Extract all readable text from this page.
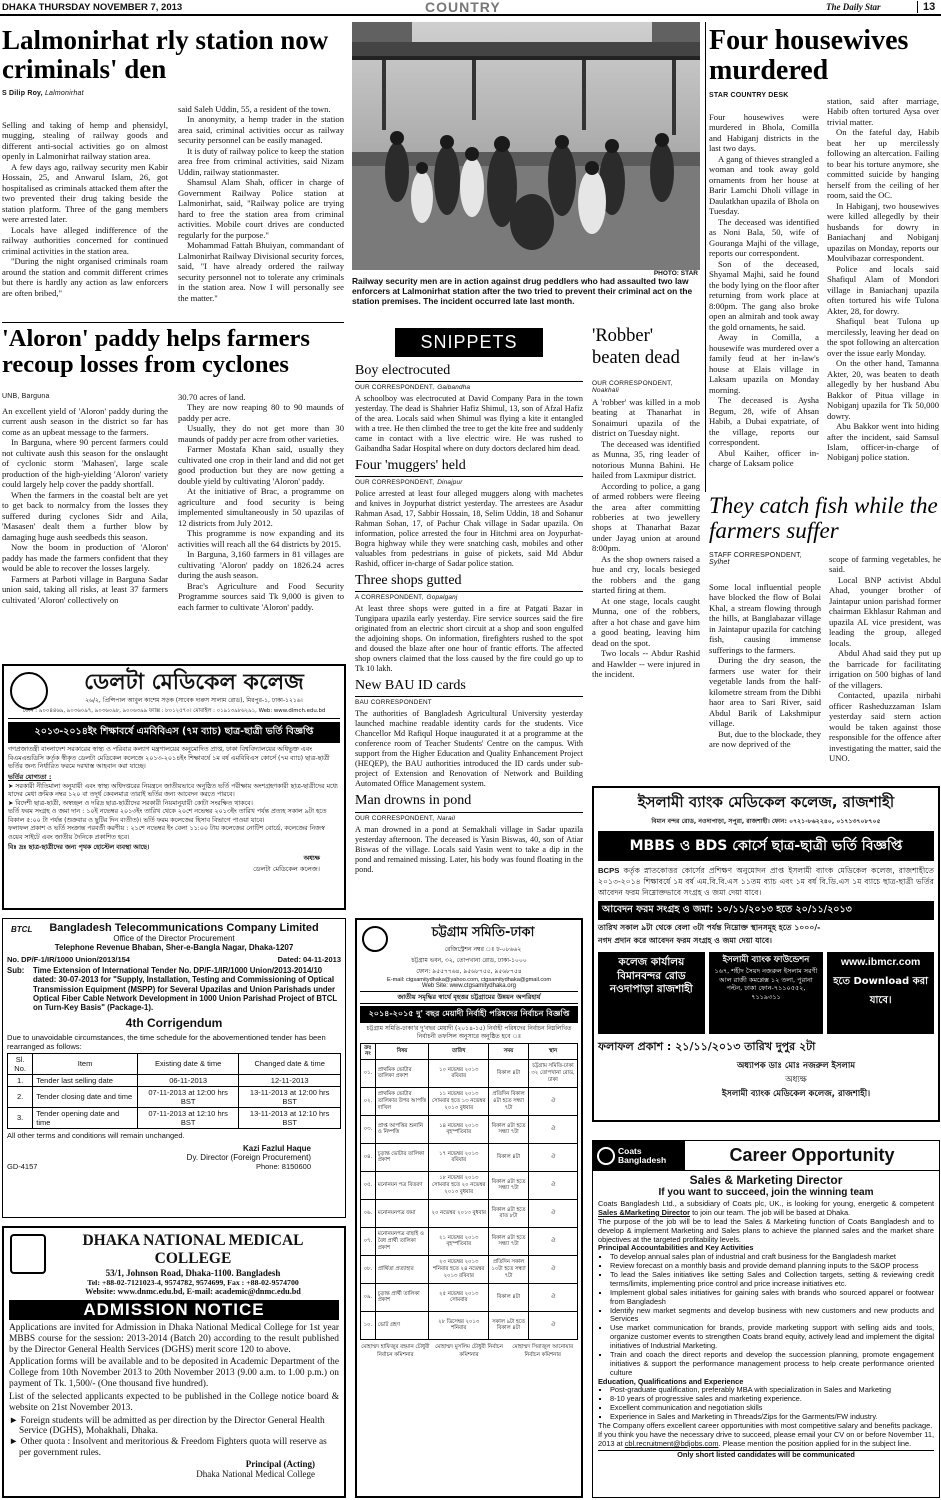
DHAKA THURSDAY NOVEMBER 7, 2013	COUNTRY	The Daily Star	13
Lalmonirhat rly station now criminals' den
S Dilip Roy, Lalmonirhat

Selling and taking of hemp and phensidyl, mugging, stealing of railway goods and different anti-social activities go on almost openly in Lalmonirhat railway station area.

A few days ago, railway security men Kabir Hossain, 25, and Anwarul Islam, 26, got hospitalised as criminals attacked them after the two prevented their drug taking beside the station platform. Three of the gang members were arrested later.

Locals have alleged indifference of the railway authorities concerned for continued criminal activities in the station area.

"During the night organised criminals roam around the station and commit different crimes but there is hardly any action as law enforcers are often bribed,"

said Saleh Uddin, 55, a resident of the town.

In anonymity, a hemp trader in the station area said, criminal activities occur as railway security personnel can be easily managed.

It is duty of railway police to keep the station area free from criminal activities, said Nizam Uddin, railway stationmaster.

Shamsul Alam Shah, officer in charge of Government Railway Police station at Lalmonirhat, said, "Railway police are trying hard to free the station area from criminal activities. Mobile court drives are conducted regularly for the purpose."

Mohammad Fattah Bhuiyan, commandant of Lalmonirhat Railway Divisional security forces, said, "I have already ordered the railway security personnel not to tolerate any criminals in the station area. Now I will personally see the matter."

PHOTO: STAR
Railway security men are in action against drug peddlers who had assaulted two law enforcers at Lalmonirhat station after the two tried to prevent their criminal act on the station premises. The incident occurred late last month.
Four housewives murdered
STAR COUNTRY DESK

Four housewives were murdered in Bhola, Comilla and Habiganj districts in the last two days.

A gang of thieves strangled a woman and took away gold ornaments from her house at Barir Lamchi Dholi village in Daulatkhan upazila of Bhola on Tuesday.

The deceased was identified as Noni Bala, 50, wife of Gouranga Majhi of the village, reports our correspondent.

Son of the deceased, Shyamal Majhi, said he found the body lying on the floor after returning from work place at 8:00pm. The gang also broke open an almirah and took away the gold ornaments, he said.

Away in Comilla, a housewife was murdered over a family feud at her in-law's house at Elais village in Laksam upazila on Monday morning.

The deceased is Aysha Begum, 28, wife of Ahsan Habib, a Dubai expatriate, of the village, reports our correspondent.

Abul Kaiher, officer in-charge of Laksam police

station, said after marriage, Habib often tortured Aysa over trivial matter.

On the fateful day, Habib beat her up mercilessly following an altercation. Failing to bear his torture anymore, she committed suicide by hanging herself from the ceiling of her room, said the OC.

In Habiganj, two housewives were killed allegedly by their husbands for dowry in Baniachanj and Nobiganj upazilas on Monday, reports our Moulvibazar correspondent.

Police and locals said Shafiqul Alam of Mondori village in Baniachanj upazila often tortured his wife Tulona Akter, 28, for dowry.

Shafiqul beat Tulona up mercilessly, leaving her dead on the spot following an altercation over the issue early Monday.

On the other hand, Tamanna Akter, 20, was beaten to death allegedly by her husband Abu Bakkor of Pitua village in Nobiganj upazila for Tk 50,000 dowry.

Abu Bakkor went into hiding after the incident, said Samsul Islam, officer-in-charge of Nobiganj police station.

'Aloron' paddy helps farmers recoup losses from cyclones
UNB, Barguna

An excellent yield of 'Aloron' paddy during the current aush season in the district so far has come as an upbeat message to the farmers.

In Barguna, where 90 percent farmers could not cultivate aush this season for the onslaught of cyclonic storm 'Mahasen', large scale production of the high-yielding 'Aloron' variety could largely help cover the paddy shortfall.

When the farmers in the coastal belt are yet to get back to normalcy from the losses they suffered during cyclones Sidr and Aila, 'Masasen' dealt them a further blow by damaging huge aush seedbeds this season.

Now the boom in production of 'Aloron' paddy has made the farmers confident that they would be able to recover the losses largely.

Farmers at Parboti village in Barguna Sadar union said, taking all risks, at least 37 farmers cultivated 'Aloron' collectively on

30.70 acres of land.

They are now reaping 80 to 90 maunds of paddy per acre.

Usually, they do not get more than 30 maunds of paddy per acre from other varieties.

Farmer Mostafa Khan said, usually they cultivated one crop in their land and did not get good production but they are now getting a double yield by cultivating 'Aloron' paddy.

At the initiative of Brac, a programme on agriculture and food security is being implemented simultaneously in 50 upazilas of 12 districts from July 2012.

This programme is now expanding and its activities will reach all the 64 districts by 2015.

In Barguna, 3,160 farmers in 81 villages are cultivating 'Aloron' paddy on 1826.24 acres during the aush season.

Brac's Agriculture and Food Security Programme sources said Tk 9,000 is given to each farmer to cultivate 'Aloron' paddy.

SNIPPETS
Boy electrocuted
OUR CORRESPONDENT, Gaibandha
A schoolboy was electrocuted at David Company Para in the town yesterday. The dead is Shahrier Hafiz Shimul, 13, son of Afzal Hafiz of the area. Locals said when Shimul was flying a kite it entangled with a tree. He then climbed the tree to get the kite free and suddenly came in contact with a live electric wire. He was rushed to Gaibandha Sadar Hospital where on duty doctors declared him dead.
Four 'muggers' held
OUR CORRESPONDENT, Dinajpur
Police arrested at least four alleged muggers along with machetes and knives in Joypurhat district yesterday. The arrestees are Asadur Rahman Asad, 17, Sabbir Hossain, 18, Selim Uddin, 18 and Sohanur Rahman Sohan, 17, of Pachur Chak village in Sadar upazila. On information, police arrested the four in Hitchmi area on Joypurhat-Bogra highway while they were snatching cash, mobiles and other valuables from pedestrians in guise of pickets, said Md Abdur Rashid, officer in-charge of Sadar police station.
Three shops gutted
A CORRESPONDENT, Gopalganj
At least three shops were gutted in a fire at Patgati Bazar in Tungipara upazila early yesterday. Fire service sources said the fire originated from an electric short circuit at a shop and soon engulfed the adjoining shops. On information, firefighters rushed to the spot and doused the blaze after one hour of frantic efforts. The affected shop owners claimed that the loss caused by the fire could go up to Tk 10 lakh.
New BAU ID cards
BAU CORRESPONDENT
The authorities of Bangladesh Agricultural University yesterday launched machine readable identity cards for the students. Vice Chancellor Md Rafiqul Hoque inaugurated it at a programme at the conference room of Teacher Students' Centre on the campus. With support from the Higher Education and Quality Enhancement Project (HEQEP), the BAU authorities introduced the ID cards under sub-project of Extension and Renovation of Network and Building Automated Office Management system.
Man drowns in pond
OUR CORRESPONDENT, Narail
A man drowned in a pond at Semakhali village in Sadar upazila yesterday afternoon. The deceased is Yasin Biswas, 40, son of Atiar Biswas of the village. Locals said Yasin went to take a dip in the pond and remained missing. Later, his body was found floating in the pond.
'Robber' beaten dead
OUR CORRESPONDENT,
Noakhali

A 'robber' was killed in a mob beating at Thanarhat in Sonaimuri upazila of the district on Tuesday night.

The deceased was identified as Munna, 35, ring leader of notorious Munna Bahini. He hailed from Laxmipur district.

According to police, a gang of armed robbers were fleeing the area after committing robberies at two jewellery shops at Thanarhat Bazar under Jayag union at around 8:00pm.

As the shop owners raised a hue and cry, locals besieged the robbers and the gang started firing at them.

At one stage, locals caught Munna, one of the robbers, after a hot chase and gave him a good beating, leaving him dead on the spot.

Two locals -- Abdur Rashid and Hawlder -- were injured in the incident.

They catch fish while the farmers suffer
STAFF CORRESPONDENT,
Sylhet

Some local influential people have blocked the flow of Bolai Khal, a stream flowing through the hills, at Banglabazar village in Jaintapur upazila for catching fish, causing immense sufferings to the farmers.

During the dry season, the farmers use water for their vegetable lands from the half-kilometre stream from the Dibhi haor area to Sari River, said Abdul Barik of Lakshmipur village.

But, due to the blockade, they are now deprived of the

scope of farming vegetables, he said.

Local BNP activist Abdul Ahad, younger brother of Jaintapur union parishad former chairman Ekhlasur Rahman and upazila AL vice president, was leading the group, alleged locals.

Abdul Ahad said they put up the barricade for facilitating irrigation on 500 bighas of land of the villagers.

Contacted, upazila nirbahi officer Rasheduzzaman Islam yesterday said stern action would be taken against those responsible for the offence after investigating the matter, said the UNO.

ডেলটা মেডিকেল কলেজ
২৬/২, প্রিন্সিপাল আবুল কাশেম সড়ক (সাবেক দারুস সালাম রোড), মিরপুর-১, ঢাকা-১২১৬।
ফোন : ৯০০৪৪৬৯, ৯০৩৬০৯৭, ৯০৩৬০৯৮, ৯০০৬৩৯৯ ফ্যাক্স : ৮০১২৫৭০। মোবাইল : ০১৯১৩৯৮৬২৯১, Web: www.dlmch.edu.bd
২০১৩-২০১৪ইং শিক্ষাবর্ষে এমবিবিএস (৭ম ব্যাচ) ছাত্র-ছাত্রী ভর্তি বিজ্ঞপ্তি
গণপ্রজাতন্ত্রী বাংলাদেশ সরকারের স্বাস্থ্য ও পরিবার কল্যাণ মন্ত্রণালয়ের অনুমোদিত প্রাপ্ত, ঢাকা বিশ্ববিদ্যালয়ের অধিভুক্ত এবং বিএমএন্ডডিসি কর্তৃক স্বীকৃত ডেলটা মেডিকেল কলেজে ২০১৩-২০১৪ইং শিক্ষাবর্ষে ১ম বর্ষ এমবিবিএস কোর্সে (৭ম ব্যাচ) ছাত্র-ছাত্রী ভর্তির জন্য নির্ধারিত ফরমে দরখাস্ত আহবান করা যাচ্ছে।
ভর্তির যোগ্যতা :
➤ সরকারী নীতিমালা অনুযায়ী এবং স্বাস্থ্য অধিদপ্তরের নিয়ন্ত্রনে জাতীয়ভাবে অনুষ্ঠিত ভর্তি পরীক্ষায় অংশগ্রহণকারী ছাত্র-ছাত্রীদের মধ্যে যাদের মেধা ক্রমিক নম্বর ১২০ বা তদূর্ধ কেবলমাত্র তারাই ভর্তির জন্য আবেদন করতে পারবে।
➤ বিদেশী ছাত্র-ছাত্রী, অস্বচ্ছল ও দরিদ্র ছাত্র-ছাত্রীদের সরকারী নিয়মানুযায়ী কোটা সংরক্ষিত থাকবে।
ভর্তি ফরম সংগ্রহ ও জমা দান : ১০ই নভেম্বর ২০১৩ইং তারিখ থেকে ২০শে নভেম্বর ২০১৩ইং তারিখ পর্যন্ত প্রত্যহ সকাল ৯টা হতে বিকাল ৫:০০ টা পর্যন্ত (শুক্রবার ও ছুটির দিন ব্যতীত)। ভর্তি ফরম কলেজের হিসাব বিভাগে পাওয়া যাবে।
ফলাফল প্রকাশ ও ভর্তি সংক্রান্ত পরবর্তী করণীয় : ২১শে নভেম্বর ইং বেলা ১১:০০ টায় কলেজের নোটিশ বোর্ডে, কলেজের নিজস্ব ওয়েব সাইটে এবং জাতীয় দৈনিকে প্রকাশিত হবে।
বিঃ দ্রঃ ছাত্র-ছাত্রীদের জন্য পৃথক হোস্টেল ব্যবস্থা আছে।
অধ্যক্ষ
ডেলটা মেডিকেল কলেজ।
BTCL	Bangladesh Telecommunications Company Limited
Office of the Director Procurement
Telephone Revenue Bhaban, Sher-e-Bangla Nagar, Dhaka-1207
No. DP/F-1/IR/1000 Union/2013/154	Dated: 04-11-2013
Sub:	Time Extension of International Tender No. DP/F-1/IR/1000 Union/2013-2014/10 dated: 30-07-2013 for "Supply, Installation, Testing and Commissioning of Optical Transmission Equipment (MSPP) for Several Upazilas and Union Parishads under Optical Fiber Cable Network Development in 1000 Union Parishad Project of BTCL on Turn-Key Basis" (Package-1).
4th Corrigendum
Due to unavoidable circumstances, the time schedule for the abovementioned tender has been rearranged as follows:
Sl. No.	Item	Existing date & time	Changed date & time
1.	Tender last selling date	06-11-2013	12-11-2013
2.	Tender closing date and time	07-11-2013 at 12:00 hrs BST	13-11-2013 at 12:00 hrs BST
3.	Tender opening date and time	07-11-2013 at 12:10 hrs BST	13-11-2013 at 12:10 hrs BST
All other terms and conditions will remain unchanged.
Kazi Fazlul Haque
Dy. Director (Foreign Procurement)
GD-4157	Phone: 8150600
DHAKA NATIONAL MEDICAL COLLEGE
53/1, Johnson Road, Dhaka-1100. Bangladesh
Tel: +88-02-7121023-4, 9574782, 9574699, Fax : +88-02-9574700
Website: www.dnmc.edu.bd, E-mail: academic@dnmc.edu.bd
ADMISSION NOTICE
Applications are invited for Admission in Dhaka National Medical College for 1st year MBBS course for the session: 2013-2014 (Batch 20) according to the result published by the Director General Health Services (DGHS) merit score 120 to above.
Application forms will be available and to be deposited in Academic Department of the College from 10th November 2013 to 20th November 2013 (9.00 a.m. to 1.00 p.m.) on payment of Tk. 1,500/- (One thousand five hundred).
List of the selected applicants expected to be published in the College notice board & website on 21st November 2013.
► Foreign students will be admitted as per direction by the Director General Health Service (DGHS), Mohakhali, Dhaka.
► Other quota : Insolvent and meritorious & Freedom Fighters quota will reserve as per government rules.
Principal (Acting)
Dhaka National Medical College
ইসলামী ব্যাংক মেডিকেল কলেজ, রাজশাহী
বিমান বন্দর রোড, নওদাপাড়া, সপুরা, রাজশাহী। ফোন: ০৭২১-৮৬২২৪০, ০১৭১৩৭০৮৭০৫
MBBS ও BDS কোর্সে ছাত্র-ছাত্রী ভর্তি বিজ্ঞপ্তি
BCPS কর্তৃক স্নাতকোত্তর কোর্সের প্রশিক্ষণ অনুমোদন প্রাপ্ত ইসলামী ব্যাংক মেডিকেল কলেজ, রাজশাহীতে ২০১৩-২০১৪ শিক্ষাবর্ষে ১ম বর্ষ এম.বি.বি.এস ১১তম ব্যাচ এবং ১ম বর্ষ বি.ডি.এস ১ম ব্যাচে ছাত্র-ছাত্রী ভর্তির আবেদন ফরম নিম্নোক্তভাবে সংগ্রহ ও জমা দেয়া যাবে।
আবেদন ফরম সংগ্রহ ও জমা: ১০/১১/২০১৩ হতে ২০/১১/২০১৩
তারিখ সকাল ৯টা থেকে বেলা ৩টা পর্যন্ত নিম্নোক্ত স্থানসমূহ হতে ১০০০/-
নগদ প্রদান করে আবেদন ফরম সংগ্রহ ও জমা দেয়া যাবে।
কলেজ কার্যালয় বিমানবন্দর রোড নওদাপাড়া রাজশাহী
ইসলামী ব্যাংক ফাউন্ডেশন
১৬৭, শহীদ সৈয়দ নজরুল ইসলাম সরণী আল রাজী কমপ্লেক্স ১২ তলা, পুরানা পল্টন, ঢাকা ফোন-৭১১০৫৫২, ৭১১৯৩১১
www.ibmcr.com
হতে Download করা যাবে।
ফলাফল প্রকাশ : ২১/১১/২০১৩ তারিখ দুপুর ২টা
অধ্যাপক ডাঃ মোঃ নজরুল ইসলাম
অধ্যক্ষ
ইসলামী ব্যাংক মেডিকেল কলেজ, রাজশাহী।
চট্টগ্রাম সমিতি-ঢাকা
রেজিস্ট্রেশন নম্বর ঃ ঢ-০৮৬৬২
চট্টগ্রাম ভবন, ৩২, তোপখানা রোড, ঢাকা-১০০০
ফোন: ৯৫৫৭৭৬৪, ৯৫৬৮৭৫৫, ৯৫৬৮৭৫৪
E-mail: ctgsamitydhaka@yahoo.com, ctgsamitydhaka@gmail.com
Web Site: www.ctgsamitydhaka.org
জাতীয় সমৃদ্ধির স্বার্থে বৃহত্তর চট্টগ্রামের উন্নয়ন অপরিহার্য
২০১৪-২০১৫ দু' বছর মেয়াদী নির্বাহী পরিষদের নির্বাচন বিজ্ঞপ্তি
চট্টগ্রাম সমিতি-ঢাকা'র দু'বছর মেয়াদী (২০১৪-১৫) নির্বাহী পরিষদের নির্বাচন নিম্নলিখিত নির্বাচনী তফসিল অনুসারে অনুষ্ঠিত হবে ঃ
ক্রঃ নং	বিষয়	তারিখ	সময়	স্থান
০১.	প্রাথমিক ভোটার তালিকা প্রকাশ	১০ নভেম্বর ২০১৩ রবিবার	বিকাল ৪টা	চট্টগ্রাম সমিতি-ঢাকা ৩২ তোপখানা রোড, ঢাকা
০২.	প্রাথমিক ভোটার তালিকার উপর আপত্তি দাখিল	১১ নভেম্বর ২০১৩ সোমবার হতে ১৩ নভেম্বর ২০১৩ বুধবার	প্রতিদিন বিকাল ৪টা হতে সন্ধ্যা ৭টা	ঐ
০৩.	প্রাপ্ত আপত্তির শুনানি ও নিষ্পত্তি	১৪ নভেম্বর ২০১৩ বৃহস্পতিবার	বিকাল ৪টা হতে সন্ধ্যা ৭টা	ঐ
০৪.	চূড়ান্ত ভোটার তালিকা প্রকাশ	১৭ নভেম্বর ২০১৩ রবিবার	বিকাল ৪টা	ঐ
০৫.	মনোনয়ন পত্র বিতরণ	১৮ নভেম্বর ২০১৩ সোমবার হতে ২০ নভেম্বর ২০১৩ বুধবার	বিকাল ৪টা হতে সন্ধ্যা ৭টা	ঐ
০৬.	মনোনয়নপত্র জমা	২০ নভেম্বর ২০১৩ বুধবার	বিকাল ৪টা হতে রাত ৮টা	ঐ
০৭.	মনোনয়নপত্র বাছাই ও বৈধ প্রার্থী তালিকা প্রকাশ	২১ নভেম্বর ২০১৩ বৃহস্পতিবার	বিকাল ৪টা হতে সন্ধ্যা ৭টা	ঐ
০৮.	প্রার্থিতা প্রত্যাহার	২৩ নভেম্বর ২০১৩ শনিবার হতে ২৪ নভেম্বর ২০১৩ রবিবার	প্রতিদিন সকাল ১০টা হতে সন্ধ্যা ৭টা	ঐ
০৯.	চূড়ান্ত প্রার্থী তালিকা প্রকাশ	২৫ নভেম্বর ২০১৩ সোমবার	বিকাল ৪টা	ঐ
১০.	ভোট গ্রহণ	২৮ ডিসেম্বর ২০১৩ শনিবার	সকাল ৯টা হতে বিকাল ৪টা	ঐ
মোহাম্মদ হাফিজুর রহমান চৌধুরী নির্বাচন কমিশনার
মোহাম্মদ মুসলিম চৌধুরী নির্বাচন কমিশনার
মোহাম্মদ সিরাজুল আনোয়ার নির্বাচন কমিশনার
Coats
Bangladesh	Career Opportunity
Sales & Marketing Director
If you want to succeed, join the winning team
Coats Bangladesh Ltd., a subsidiary of Coats plc, UK., is looking for young, energetic & competent Sales &Marketing Director to join our team. The job will be based at Dhaka.
The purpose of the job will be to lead the Sales & Marketing function of Coats Bangladesh and to develop & implement Marketing and Sales plans to achieve the planned sales and the market share objectives at the targeted profitability levels.
Principal Accountabilities and Key Activities
▪ To develop annual sales plan of industrial and craft business for the Bangladesh market
▪ Review forecast on a monthly basis and provide demand planning inputs to the S&OP process
▪ To lead the Sales initiatives like setting Sales and Collection targets, setting & reviewing credit terms/limits, implementing price control and price increase initiatives etc.
▪ Implement global sales initiatives for gaining sales with brands who sourced apparel or footwear from Bangladesh
▪ Identify new market segments and develop business with new customers and new products and Services
▪ Use market communication for brands, provide marketing support with selling aids and tools, organize customer events to strengthen Coats brand equity, actively lead and implement the digital initiatives of Industrial Marketing.
▪ Train and coach the direct reports and develop the succession planning, promote engagement initiatives & support the performance management process to help create performance oriented culture
Education, Qualifications and Experience
▪ Post-graduate qualification, preferably MBA with specialization in Sales and Marketing
▪ 8-10 years of progressive sales and marketing experience.
▪ Excellent communication and negotiation skills
▪ Experience in Sales and Marketing in Threads/Zips for the Garments/FW industry.
The Company offers excellent career opportunities with most competitive salary and benefits package.
If you think you have the necessary drive to succeed, please email your CV on or before November 11, 2013 at cbl.recruitment@bdjobs.com. Please mention the position applied for in the subject line.
Only short listed candidates will be communicated
